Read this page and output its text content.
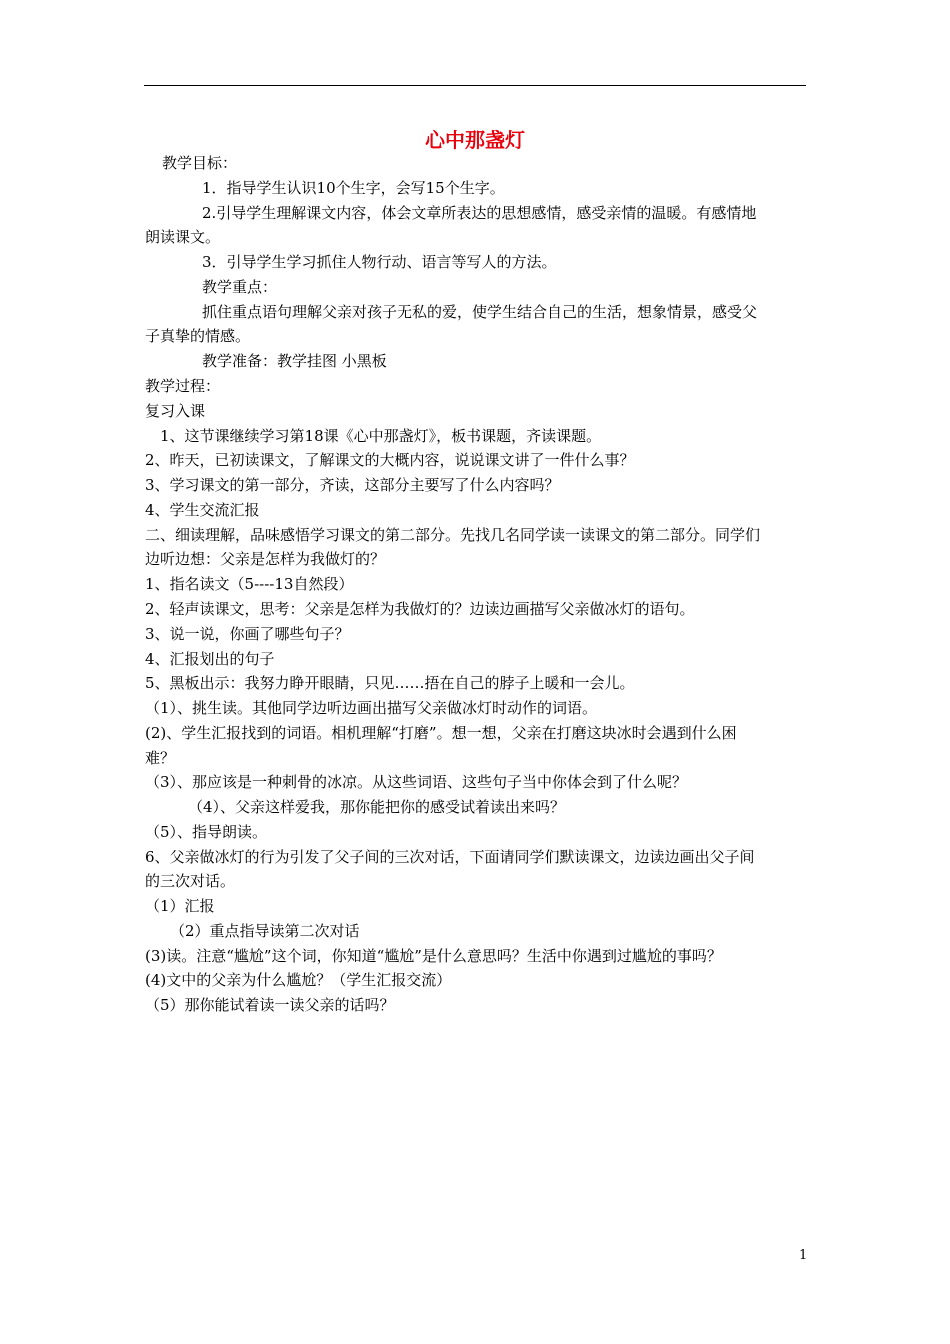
心中那盏灯
教学目标：
1．指导学生认识10个生字，会写15个生字。
2.引导学生理解课文内容，体会文章所表达的思想感情，感受亲情的温暖。有感情地
朗读课文。
3．引导学生学习抓住人物行动、语言等写人的方法。
教学重点：
抓住重点语句理解父亲对孩子无私的爱，使学生结合自己的生活，想象情景，感受父
子真挚的情感。
教学准备：教学挂图 小黑板
教学过程：
复习入课
1、这节课继续学习第18课《心中那盏灯》，板书课题，齐读课题。
2、昨天，已初读课文，了解课文的大概内容，说说课文讲了一件什么事？
3、学习课文的第一部分，齐读，这部分主要写了什么内容吗？
4、学生交流汇报
二、细读理解，品味感悟学习课文的第二部分。先找几名同学读一读课文的第二部分。同学们
边听边想：父亲是怎样为我做灯的？
1、指名读文（5----13自然段）
2、轻声读课文，思考：父亲是怎样为我做灯的？边读边画描写父亲做冰灯的语句。
3、说一说，你画了哪些句子？
4、汇报划出的句子
5、黑板出示：我努力睁开眼睛，只见……捂在自己的脖子上暖和一会儿。
（1）、挑生读。其他同学边听边画出描写父亲做冰灯时动作的词语。
(2)、学生汇报找到的词语。相机理解“打磨”。想一想，父亲在打磨这块冰时会遇到什么困
难？
（3）、那应该是一种刺骨的冰凉。从这些词语、这些句子当中你体会到了什么呢？
（4）、父亲这样爱我，那你能把你的感受试着读出来吗？
（5）、指导朗读。
6、父亲做冰灯的行为引发了父子间的三次对话，下面请同学们默读课文，边读边画出父子间
的三次对话。
（1）汇报
（2）重点指导读第二次对话
(3)读。注意“尴尬”这个词，你知道“尴尬”是什么意思吗？生活中你遇到过尴尬的事吗？
(4)文中的父亲为什么尴尬？（学生汇报交流）
（5）那你能试着读一读父亲的话吗？
1
